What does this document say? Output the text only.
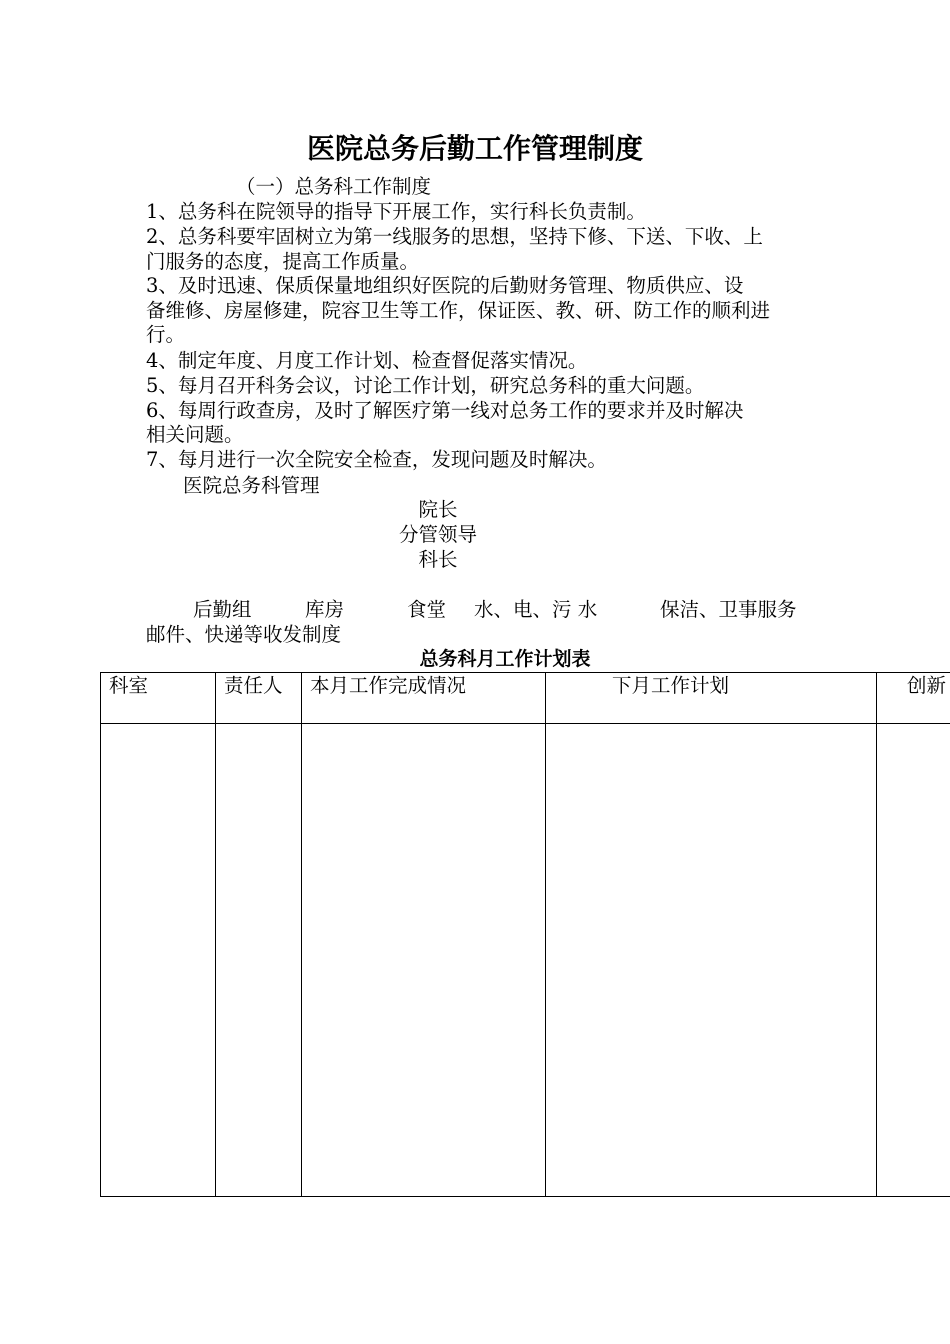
医院总务后勤工作管理制度
（一）总务科工作制度
1、总务科在院领导的指导下开展工作，实行科长负责制。
2、总务科要牢固树立为第一线服务的思想，坚持下修、下送、下收、上
门服务的态度，提高工作质量。
3、及时迅速、保质保量地组织好医院的后勤财务管理、物质供应、设
备维修、房屋修建，院容卫生等工作，保证医、教、研、防工作的顺利进
行。
4、制定年度、月度工作计划、检查督促落实情况。
5、每月召开科务会议，讨论工作计划，研究总务科的重大问题。
6、每周行政查房，及时了解医疗第一线对总务工作的要求并及时解决
相关问题。
7、每月进行一次全院安全检查，发现问题及时解决。
医院总务科管理
院长
分管领导
科长
后勤组	库房	食堂 水、电、污 水	保洁、卫事服务
邮件、快递等收发制度
总务科月工作计划表
科室	责任人	本月工作完成情况	下月工作计划	创新
